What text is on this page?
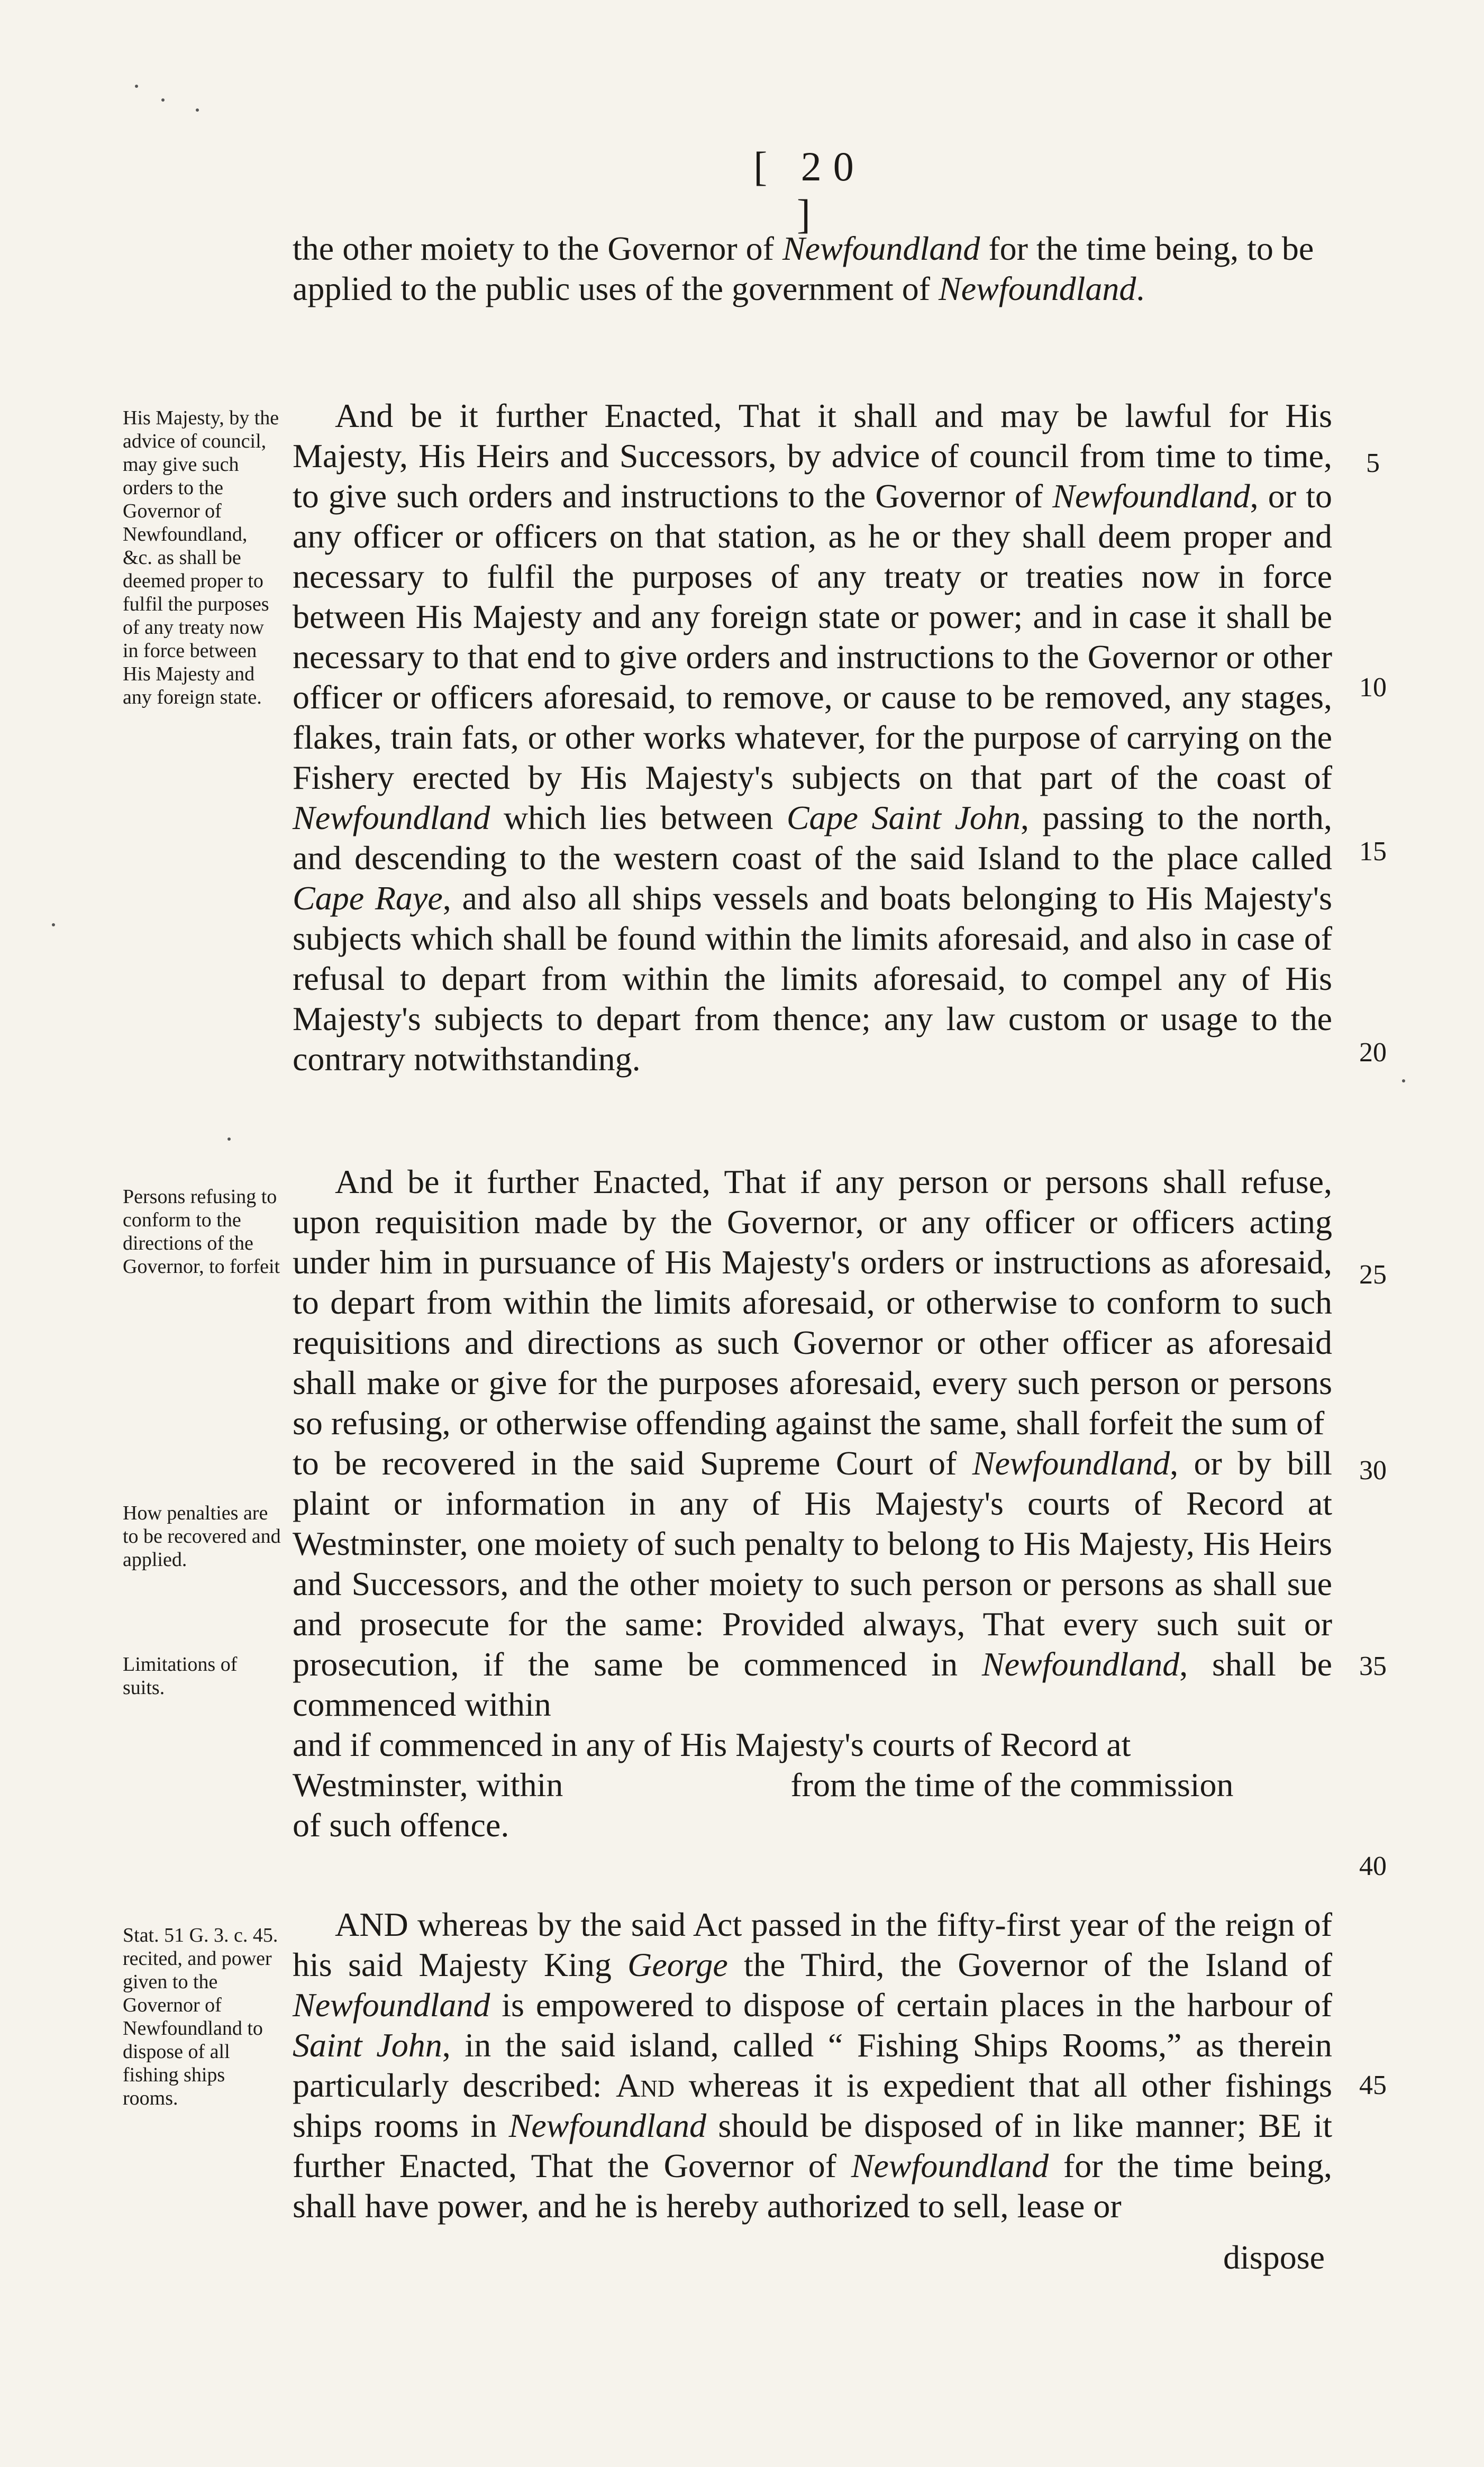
[ 20 ]

the other moiety to the Governor of Newfoundland for the time being, to be applied to the public uses of the government of Newfoundland.

And be it further Enacted, That it shall and may be lawful for His Majesty, His Heirs and Successors, by advice of council from time to time, to give such orders and instructions to the Governor of Newfoundland, or to any officer or officers on that station, as he or they shall deem proper and necessary to fulfil the purposes of any treaty or treaties now in force between His Majesty and any foreign state or power; and in case it shall be necessary to that end to give orders and instructions to the Governor or other officer or officers aforesaid, to remove, or cause to be removed, any stages, flakes, train fats, or other works whatever, for the purpose of carrying on the Fishery erected by His Majesty's subjects on that part of the coast of Newfoundland which lies between Cape Saint John, passing to the north, and descending to the western coast of the said Island to the place called Cape Raye, and also all ships vessels and boats belonging to His Majesty's subjects which shall be found within the limits aforesaid, and also in case of refusal to depart from within the limits aforesaid, to compel any of His Majesty's subjects to depart from thence; any law custom or usage to the contrary notwithstanding.

And be it further Enacted, That if any person or persons shall refuse, upon requisition made by the Governor, or any officer or officers acting under him in pursuance of His Majesty's orders or instructions as aforesaid, to depart from within the limits aforesaid, or otherwise to conform to such requisitions and directions as such Governor or other officer as aforesaid shall make or give for the purposes aforesaid, every such person or persons so refusing, or otherwise offending against the same, shall forfeit the sum of

to be recovered in the said Supreme Court of Newfoundland, or by bill plaint or information in any of His Majesty's courts of Record at Westminster, one moiety of such penalty to belong to His Majesty, His Heirs and Successors, and the other moiety to such person or persons as shall sue and prosecute for the same: Provided always, That every such suit or prosecution, if the same be commenced in Newfoundland, shall be commenced within

and if commenced in any of His Majesty's courts of Record at

Westminster, within	from the time of the commission

of such offence.

AND whereas by the said Act passed in the fifty-first year of the reign of his said Majesty King George the Third, the Governor of the Island of Newfoundland is empowered to dispose of certain places in the harbour of Saint John, in the said island, called “ Fishing Ships Rooms,” as therein particularly described: And whereas it is expedient that all other fishings ships rooms in Newfoundland should be disposed of in like manner; BE it further Enacted, That the Governor of Newfoundland for the time being, shall have power, and he is hereby authorized to sell, lease or

dispose
His Majesty, by the advice of council, may give such orders to the Governor of Newfoundland, &c. as shall be deemed proper to fulfil the purposes of any treaty now in force between His Majesty and any foreign state.
Persons refusing to conform to the directions of the Governor, to forfeit
How penalties are to be recovered and applied.
Limitations of suits.
Stat. 51 G. 3. c. 45. recited, and power given to the Governor of Newfoundland to dispose of all fishing ships rooms.
5
10
15
20
25
30
35
40
45
